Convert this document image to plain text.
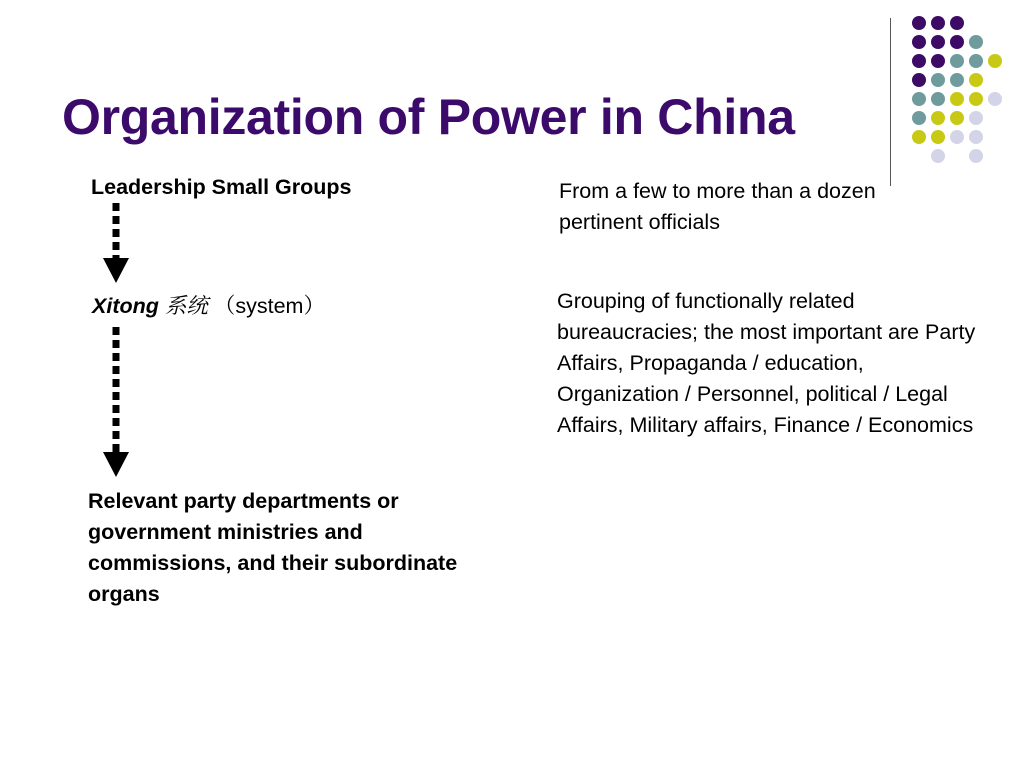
Organization of Power in China
Leadership Small Groups
Xitong 系统 （system）
Relevant party departments or government ministries and commissions, and their subordinate organs
From a few to more than a dozen pertinent officials
Grouping of functionally related bureaucracies; the most important are Party Affairs, Propaganda / education, Organization / Personnel, political / Legal Affairs, Military affairs, Finance / Economics
